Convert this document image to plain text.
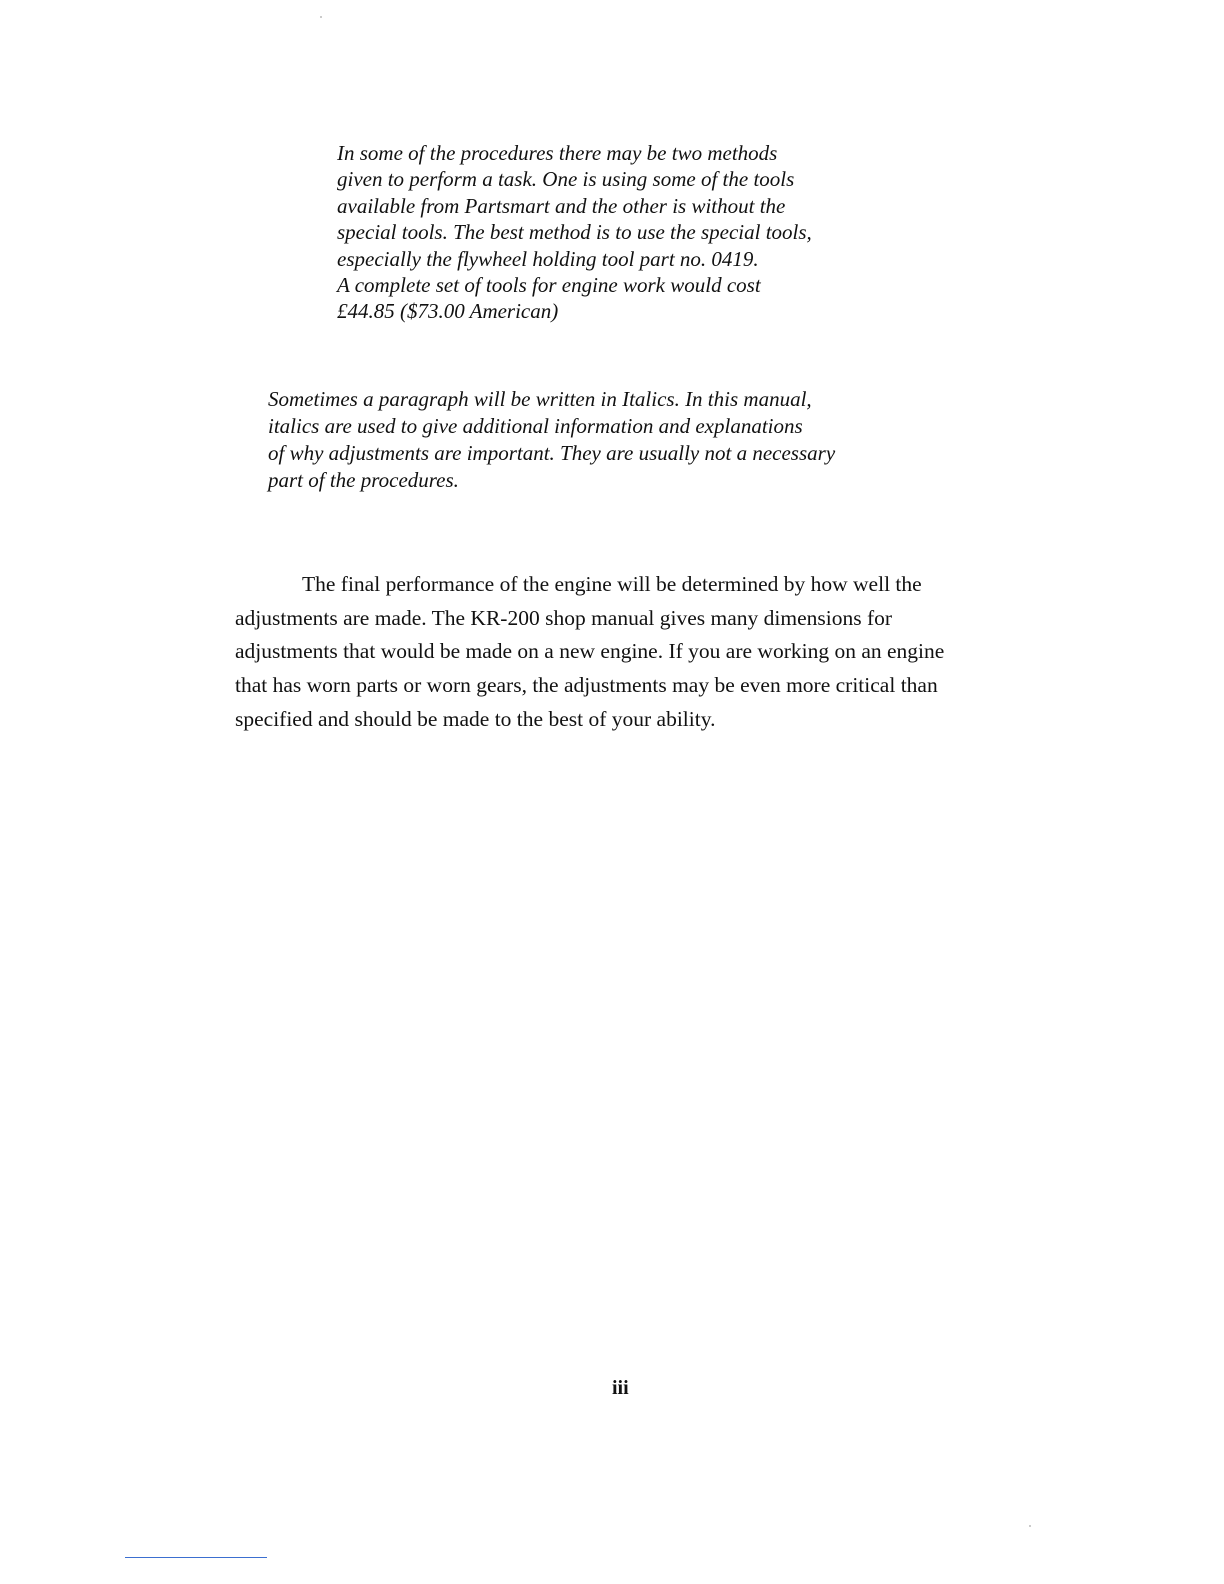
In some of the procedures there may be two methods
given to perform a task. One is using some of the tools
available from Partsmart and the other is without the
special tools. The best method is to use the special tools,
especially the flywheel holding tool part no. 0419.
A complete set of tools for engine work would cost
£44.85 ($73.00 American)
Sometimes a paragraph will be written in Italics. In this manual,
italics are used to give additional information and explanations
of why adjustments are important. They are usually not a necessary
part of the procedures.
The final performance of the engine will be determined by how well the
adjustments are made. The KR-200 shop manual gives many dimensions for
adjustments that would be made on a new engine. If you are working on an engine
that has worn parts or worn gears, the adjustments may be even more critical than
specified and should be made to the best of your ability.
iii
